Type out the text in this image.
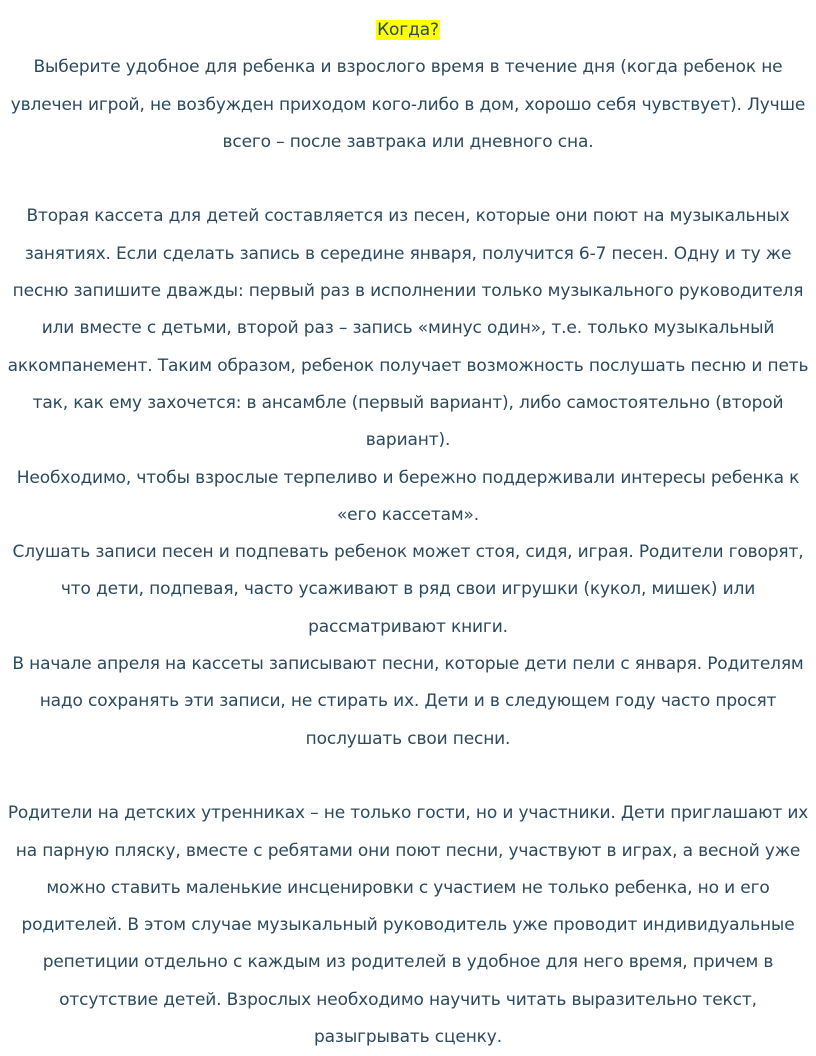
Когда?

Выберите удобное для ребенка и взрослого время в течение дня (когда ребенок не увлечен игрой, не возбужден приходом кого-либо в дом, хорошо себя чувствует). Лучше всего – после завтрака или дневного сна.

Вторая кассета для детей составляется из песен, которые они поют на музыкальных занятиях. Если сделать запись в середине января, получится 6-7 песен. Одну и ту же песню запишите дважды: первый раз в исполнении только музыкального руководителя или вместе с детьми, второй раз – запись «минус один», т.е. только музыкальный аккомпанемент. Таким образом, ребенок получает возможность послушать песню и петь так, как ему захочется: в ансамбле (первый вариант), либо самостоятельно (второй вариант).

Необходимо, чтобы взрослые терпеливо и бережно поддерживали интересы ребенка к «его кассетам».

Слушать записи песен и подпевать ребенок может стоя, сидя, играя. Родители говорят, что дети, подпевая, часто усаживают в ряд свои игрушки (кукол, мишек) или рассматривают книги.

В начале апреля на кассеты записывают песни, которые дети пели с января. Родителям надо сохранять эти записи, не стирать их. Дети и в следующем году часто просят послушать свои песни.

Родители на детских утренниках – не только гости, но и участники. Дети приглашают их на парную пляску, вместе с ребятами они поют песни, участвуют в играх, а весной уже можно ставить маленькие инсценировки с участием не только ребенка, но и его родителей. В этом случае музыкальный руководитель уже проводит индивидуальные репетиции отдельно с каждым из родителей в удобное для него время, причем в отсутствие детей. Взрослых необходимо научить читать выразительно текст, разыгрывать сценку.
